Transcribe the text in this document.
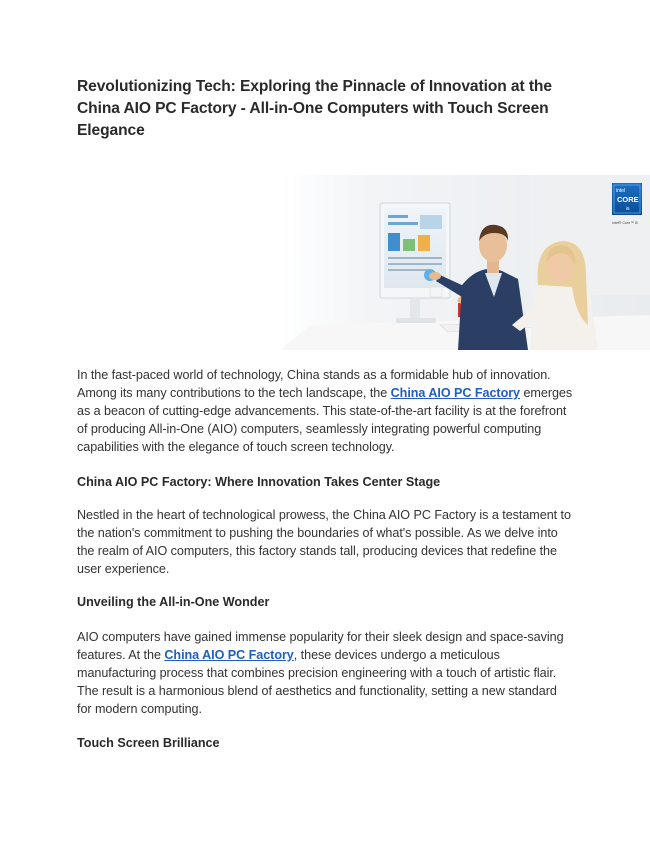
Revolutionizing Tech: Exploring the Pinnacle of Innovation at the China AIO PC Factory - All-in-One Computers with Touch Screen Elegance
intel
CORE
i5
Intel® Core™ i5

In the fast-paced world of technology, China stands as a formidable hub of innovation. Among its many contributions to the tech landscape, the China AIO PC Factory emerges as a beacon of cutting-edge advancements. This state-of-the-art facility is at the forefront of producing All-in-One (AIO) computers, seamlessly integrating powerful computing capabilities with the elegance of touch screen technology.

China AIO PC Factory: Where Innovation Takes Center Stage

Nestled in the heart of technological prowess, the China AIO PC Factory is a testament to the nation's commitment to pushing the boundaries of what's possible. As we delve into the realm of AIO computers, this factory stands tall, producing devices that redefine the user experience.

Unveiling the All-in-One Wonder

AIO computers have gained immense popularity for their sleek design and space-saving features. At the China AIO PC Factory, these devices undergo a meticulous manufacturing process that combines precision engineering with a touch of artistic flair. The result is a harmonious blend of aesthetics and functionality, setting a new standard for modern computing.

Touch Screen Brilliance
